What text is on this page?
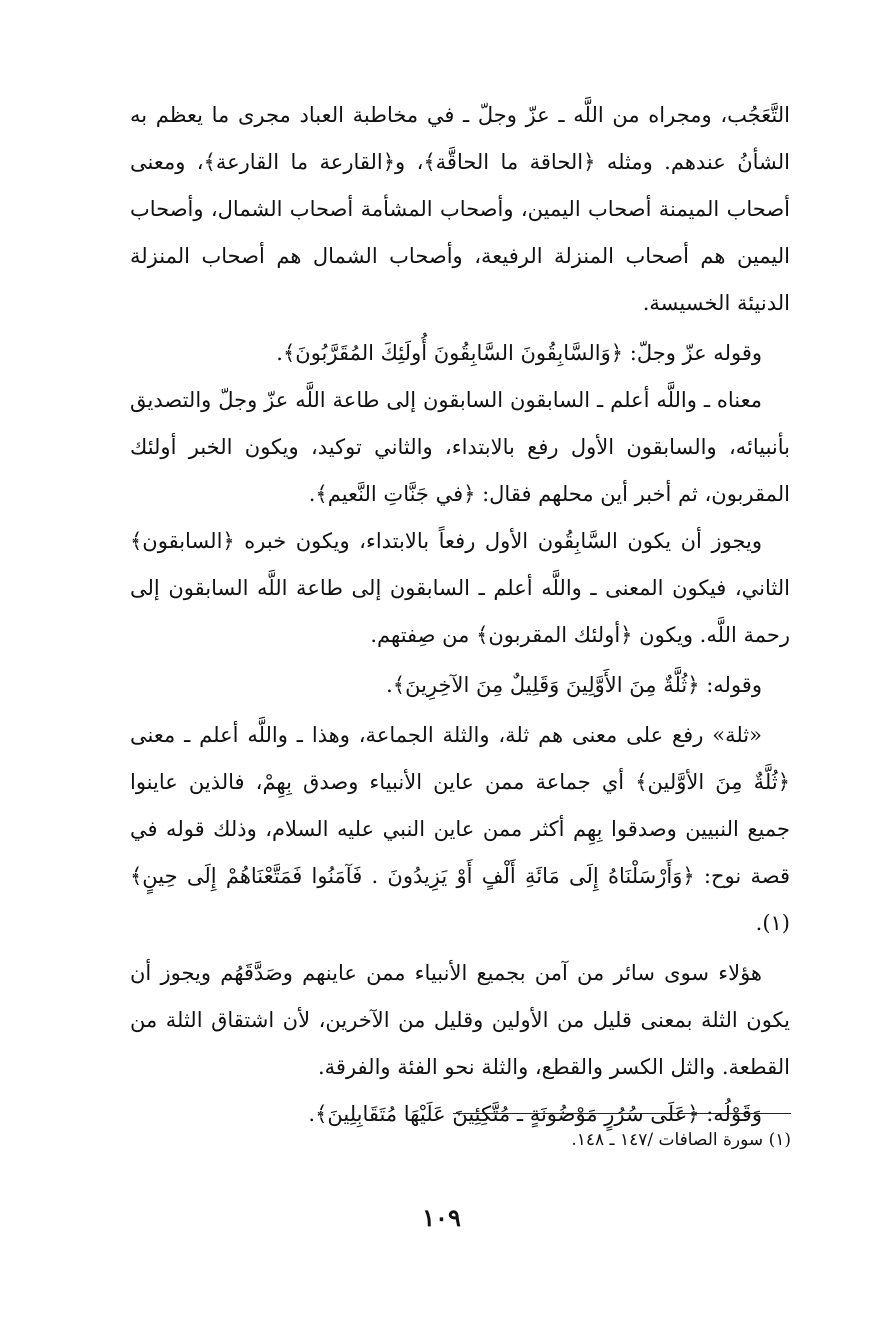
التَّعَجُب، ومجراه من اللَّه ـ عزّ وجلّ ـ في مخاطبة العباد مجرى ما يعظم به الشأنُ عندهم. ومثله ﴿الحاقة ما الحاقَّة﴾، و﴿القارعة ما القارعة﴾، ومعنى أصحاب الميمنة أصحاب اليمين، وأصحاب المشأمة أصحاب الشمال، وأصحاب اليمين هم أصحاب المنزلة الرفيعة، وأصحاب الشمال هم أصحاب المنزلة الدنيئة الخسيسة.

وقوله عزّ وجلّ: ﴿وَالسَّابِقُونَ السَّابِقُونَ أُولَئِكَ المُقَرَّبُونَ﴾.

معناه ـ واللَّه أعلم ـ السابقون السابقون إلى طاعة اللَّه عزّ وجلّ والتصديق بأنبيائه، والسابقون الأول رفع بالابتداء، والثاني توكيد، ويكون الخبر أولئك المقربون، ثم أخبر أين محلهم فقال: ﴿في جَنَّاتِ النَّعيم﴾.

ويجوز أن يكون السَّابِقُون الأول رفعاً بالابتداء، ويكون خبره ﴿السابقون﴾ الثاني، فيكون المعنى ـ واللَّه أعلم ـ السابقون إلى طاعة اللَّه السابقون إلى رحمة اللَّه. ويكون ﴿أولئك المقربون﴾ من صِفتهم.

وقوله: ﴿ثُلَّةٌ مِنَ الأَوَّلِينَ وَقَلِيلٌ مِنَ الآخِرِينَ﴾.

«ثلة» رفع على معنى هم ثلة، والثلة الجماعة، وهذا ـ واللَّه أعلم ـ معنى ﴿ثُلَّةٌ مِنَ الأوَّلين﴾ أي جماعة ممن عاين الأنبياء وصدق بِهِمْ، فالذين عاينوا جميع النبيين وصدقوا بِهِم أكثر ممن عاين النبي عليه السلام، وذلك قوله في قصة نوح: ﴿وَأَرْسَلْنَاهُ إِلَى مَائَةِ أَلْفٍ أَوْ يَزِيدُونَ . فَآمَنُوا فَمَتَّعْنَاهُمْ إِلَى حِينٍ﴾(١).

هؤلاء سوى سائر من آمن بجميع الأنبياء ممن عاينهم وصَدَّقَهُم ويجوز أن يكون الثلة بمعنى قليل من الأولين وقليل من الآخرين، لأن اشتقاق الثلة من القطعة. والثل الكسر والقطع، والثلة نحو الفئة والفرقة.

وَقَوْلُه: ﴿عَلَى سُرُرٍ مَوْضُونَةٍ ـ مُتَّكِئِينَ عَلَيْهَا مُتَقَابِلِينَ﴾.

(١) سورة الصافات /١٤٧ ـ ١٤٨.
١٠٩
